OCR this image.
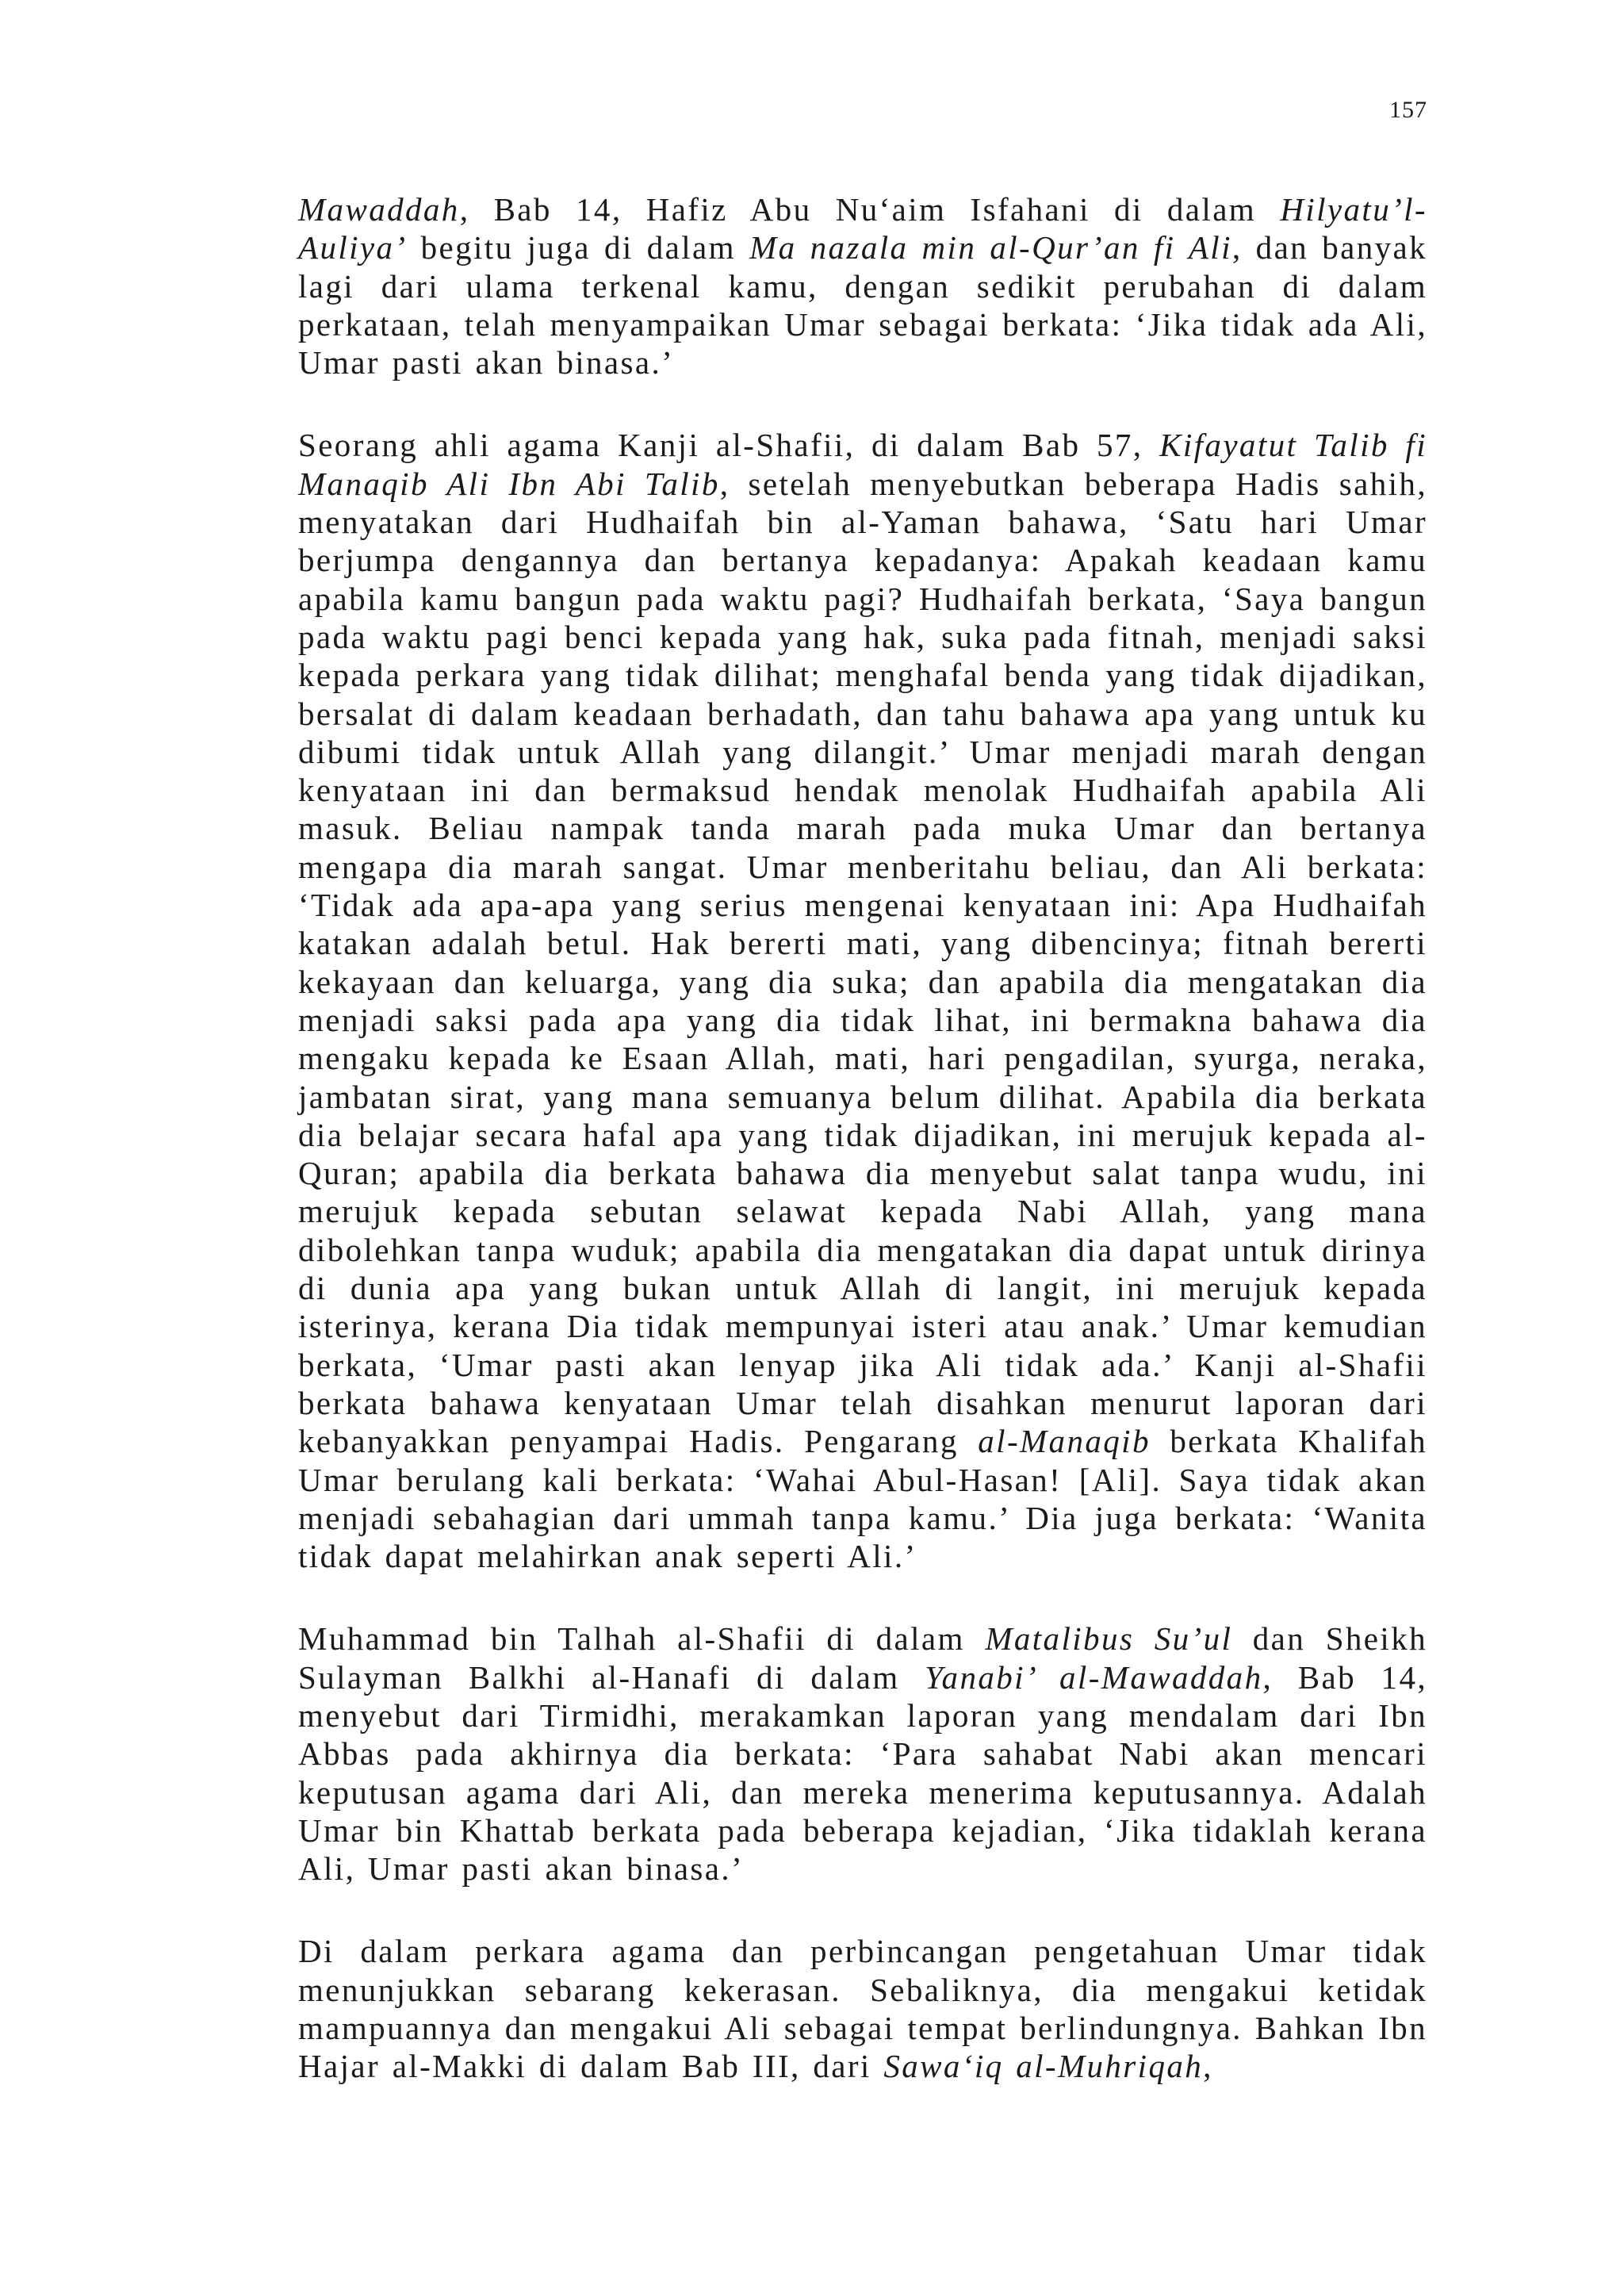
157

Mawaddah, Bab 14, Hafiz Abu Nu‘aim Isfahani di dalam Hilyatu’l-Auliya’ begitu juga di dalam Ma nazala min al-Qur’an fi Ali, dan banyak lagi dari ulama terkenal kamu, dengan sedikit perubahan di dalam perkataan, telah menyampaikan Umar sebagai berkata: ‘Jika tidak ada Ali, Umar pasti akan binasa.’

Seorang ahli agama Kanji al-Shafii, di dalam Bab 57, Kifayatut Talib fi Manaqib Ali Ibn Abi Talib, setelah menyebutkan beberapa Hadis sahih, menyatakan dari Hudhaifah bin al-Yaman bahawa, ‘Satu hari Umar berjumpa dengannya dan bertanya kepadanya: Apakah keadaan kamu apabila kamu bangun pada waktu pagi? Hudhaifah berkata, ‘Saya bangun pada waktu pagi benci kepada yang hak, suka pada fitnah, menjadi saksi kepada perkara yang tidak dilihat; menghafal benda yang tidak dijadikan, bersalat di dalam keadaan berhadath, dan tahu bahawa apa yang untuk ku dibumi tidak untuk Allah yang dilangit.’ Umar menjadi marah dengan kenyataan ini dan bermaksud hendak menolak Hudhaifah apabila Ali masuk. Beliau nampak tanda marah pada muka Umar dan bertanya mengapa dia marah sangat. Umar menberitahu beliau, dan Ali berkata: ‘Tidak ada apa-apa yang serius mengenai kenyataan ini: Apa Hudhaifah katakan adalah betul. Hak bererti mati, yang dibencinya; fitnah bererti kekayaan dan keluarga, yang dia suka; dan apabila dia mengatakan dia menjadi saksi pada apa yang dia tidak lihat, ini bermakna bahawa dia mengaku kepada ke Esaan Allah, mati, hari pengadilan, syurga, neraka, jambatan sirat, yang mana semuanya belum dilihat. Apabila dia berkata dia belajar secara hafal apa yang tidak dijadikan, ini merujuk kepada al-Quran; apabila dia berkata bahawa dia menyebut salat tanpa wudu, ini merujuk kepada sebutan selawat kepada Nabi Allah, yang mana dibolehkan tanpa wuduk; apabila dia mengatakan dia dapat untuk dirinya di dunia apa yang bukan untuk Allah di langit, ini merujuk kepada isterinya, kerana Dia tidak mempunyai isteri atau anak.’ Umar kemudian berkata, ‘Umar pasti akan lenyap jika Ali tidak ada.’ Kanji al-Shafii berkata bahawa kenyataan Umar telah disahkan menurut laporan dari kebanyakkan penyampai Hadis. Pengarang al-Manaqib berkata Khalifah Umar berulang kali berkata: ‘Wahai Abul-Hasan! [Ali]. Saya tidak akan menjadi sebahagian dari ummah tanpa kamu.’ Dia juga berkata: ‘Wanita tidak dapat melahirkan anak seperti Ali.’

Muhammad bin Talhah al-Shafii di dalam Matalibus Su’ul dan Sheikh Sulayman Balkhi al-Hanafi di dalam Yanabi’ al-Mawaddah, Bab 14, menyebut dari Tirmidhi, merakamkan laporan yang mendalam dari Ibn Abbas pada akhirnya dia berkata: ‘Para sahabat Nabi akan mencari keputusan agama dari Ali, dan mereka menerima keputusannya. Adalah Umar bin Khattab berkata pada beberapa kejadian, ‘Jika tidaklah kerana Ali, Umar pasti akan binasa.’

Di dalam perkara agama dan perbincangan pengetahuan Umar tidak menunjukkan sebarang kekerasan. Sebaliknya, dia mengakui ketidak mampuannya dan mengakui Ali sebagai tempat berlindungnya. Bahkan Ibn Hajar al-Makki di dalam Bab III, dari Sawa‘iq al-Muhriqah,
